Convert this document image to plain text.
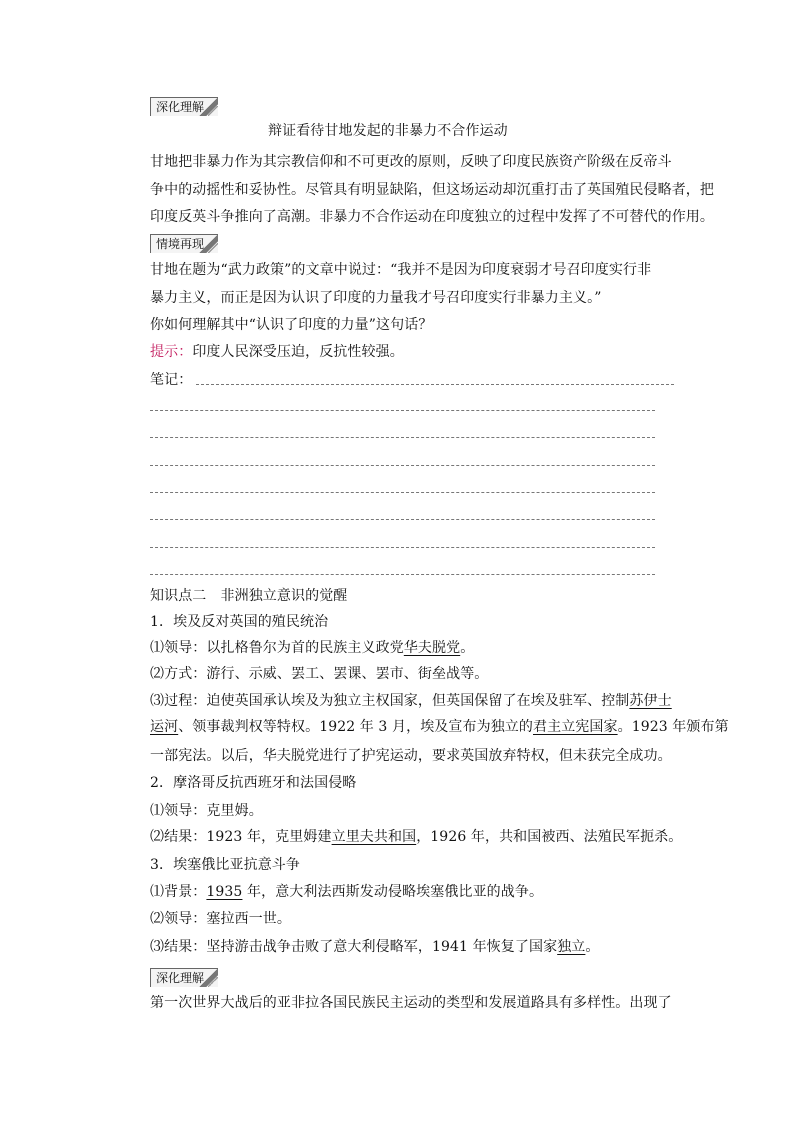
深化理解
辩证看待甘地发起的非暴力不合作运动
甘地把非暴力作为其宗教信仰和不可更改的原则，反映了印度民族资产阶级在反帝斗
争中的动摇性和妥协性。尽管具有明显缺陷，但这场运动却沉重打击了英国殖民侵略者，把
印度反英斗争推向了高潮。非暴力不合作运动在印度独立的过程中发挥了不可替代的作用。
情境再现
甘地在题为“武力政策”的文章中说过：“我并不是因为印度衰弱才号召印度实行非
暴力主义，而正是因为认识了印度的力量我才号召印度实行非暴力主义。”
你如何理解其中“认识了印度的力量”这句话？
提示：印度人民深受压迫，反抗性较强。
笔记：
知识点二　非洲独立意识的觉醒
1．埃及反对英国的殖民统治
⑴领导：以扎格鲁尔为首的民族主义政党华夫脱党。
⑵方式：游行、示威、罢工、罢课、罢市、街垒战等。
⑶过程：迫使英国承认埃及为独立主权国家，但英国保留了在埃及驻军、控制苏伊士
运河、领事裁判权等特权。1922 年 3 月，埃及宣布为独立的君主立宪国家。1923 年颁布第
一部宪法。以后，华夫脱党进行了护宪运动，要求英国放弃特权，但未获完全成功。
2．摩洛哥反抗西班牙和法国侵略
⑴领导：克里姆。
⑵结果：1923 年，克里姆建立里夫共和国，1926 年，共和国被西、法殖民军扼杀。
3．埃塞俄比亚抗意斗争
⑴背景：1935 年，意大利法西斯发动侵略埃塞俄比亚的战争。
⑵领导：塞拉西一世。
⑶结果：坚持游击战争击败了意大利侵略军，1941 年恢复了国家独立。
深化理解
第一次世界大战后的亚非拉各国民族民主运动的类型和发展道路具有多样性。出现了
